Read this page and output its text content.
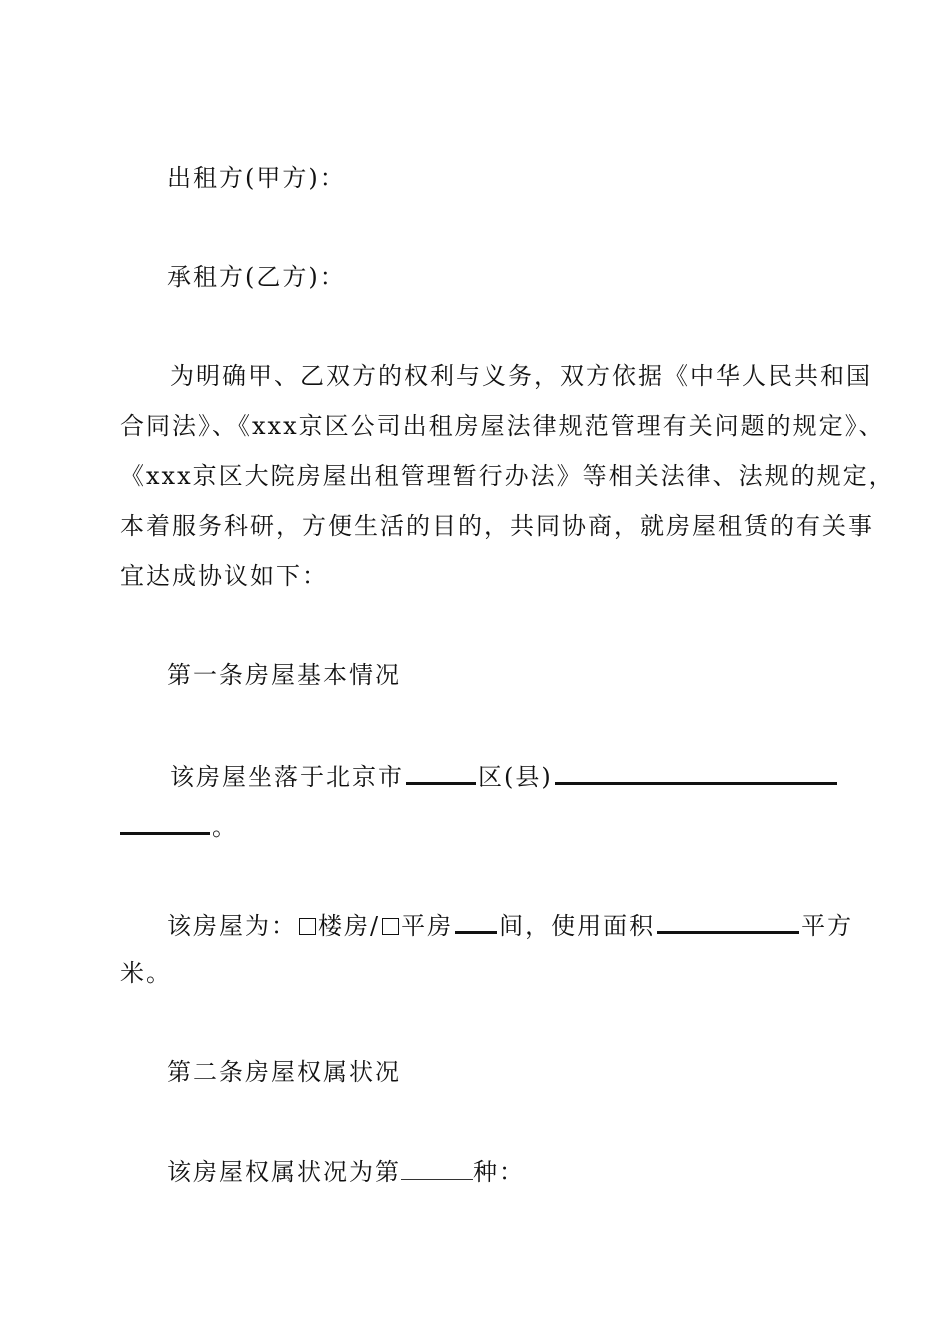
出租方(甲方)：
承租方(乙方)：
为明确甲、乙双方的权利与义务，双方依据《中华人民共和国
合同法》、《xxx京区公司出租房屋法律规范管理有关问题的规定》、
《xxx京区大院房屋出租管理暂行办法》等相关法律、法规的规定，
本着服务科研，方便生活的目的，共同协商，就房屋租赁的有关事
宜达成协议如下：
第一条房屋基本情况
该房屋坐落于北京市	区(县)
。
该房屋为： 楼房/ 平房 间，使用面积	平方
米。
第二条房屋权属状况
该房屋权属状况为第	种：
